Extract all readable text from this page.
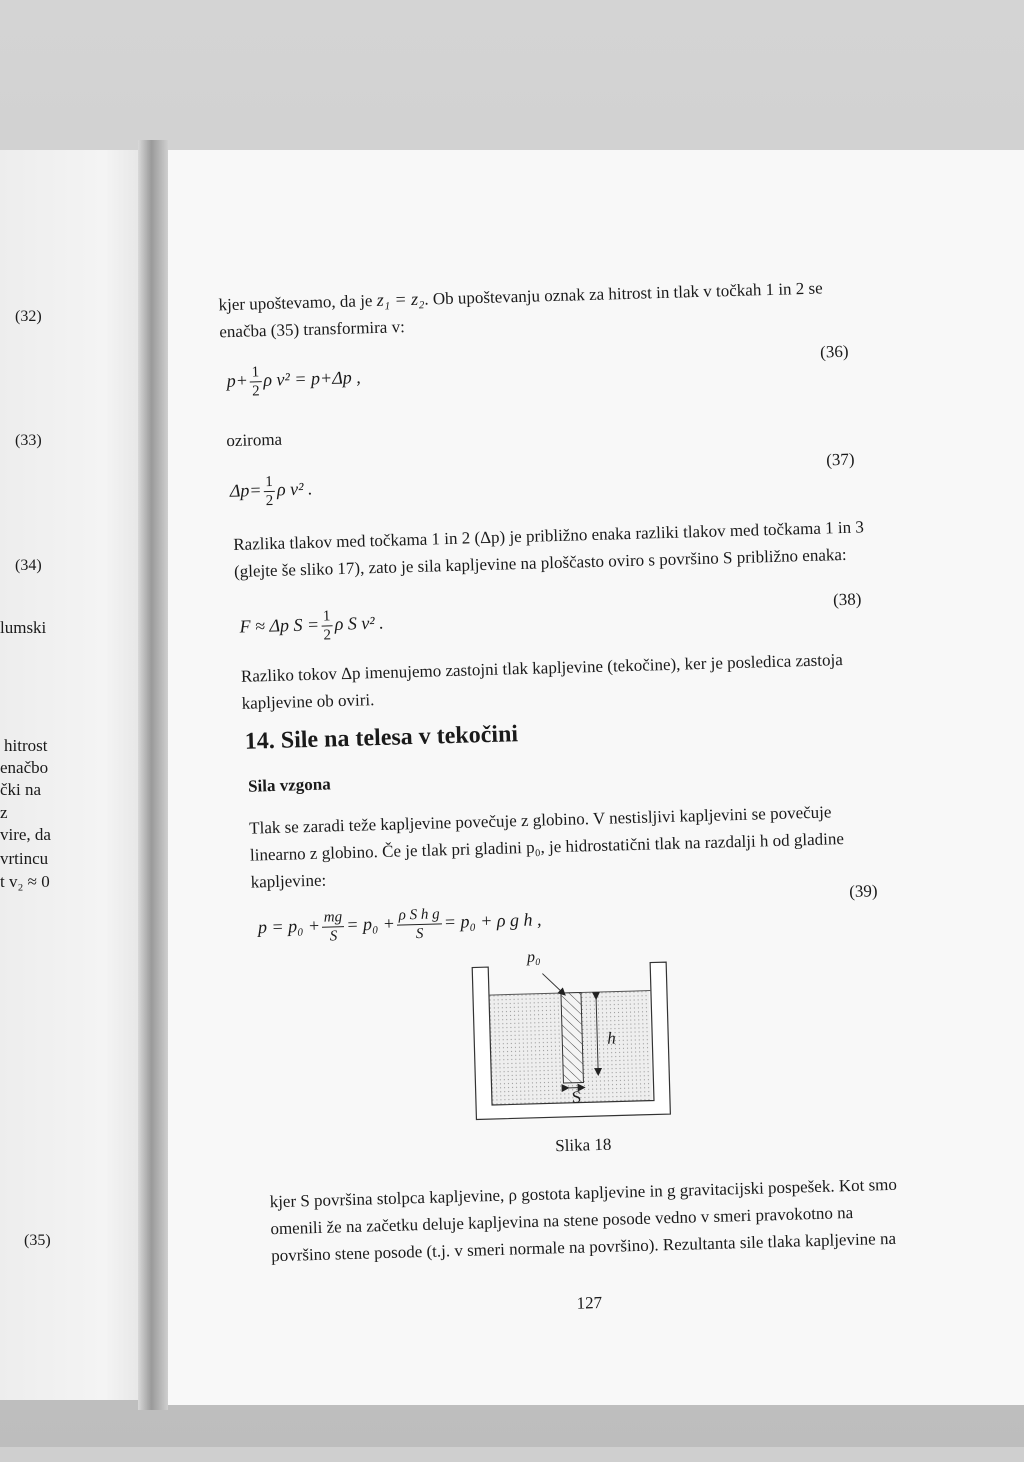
(32)
(33)
(34)
lumski
hitrost
enačbo
čki na
z
vire, da
vrtincu
t v₂ ≈ 0
(35)
kjer upoštevamo, da je z₁ = z₂. Ob upoštevanju oznak za hitrost in tlak v točkah 1 in 2 se
enačba (35) transformira v:
$p+ \frac{1}{2}$ ρ v² = p+Δp ,
(36)
oziroma
$\Delta p= \frac{1}{2}$ ρ v² .
(37)
Razlika tlakov med točkama 1 in 2 (Δp) je približno enaka razliki tlakov med točkama 1 in 3
(glejte še sliko 17), zato je sila kapljevine na ploščasto oviro s površino S približno enaka:
F ≈ Δp $S = \frac{1}{2}$ ρ S v² .
(38)
Razliko tokov Δp imenujemo zastojni tlak kapljevine (tekočine), ker je posledica zastoja
kapljevine ob oviri.
14. Sile na telesa v tekočini
Sila vzgona
Tlak se zaradi teže kapljevine povečuje z globino. V nestisljivi kapljevini se povečuje
linearno z globino. Če je tlak pri gladini p₀, je hidrostatični tlak na razdalji h od gladine
kapljevine:
$p = p_0 + \frac{mg}{S} = p_0 + \frac{\text{ρ S h g}}{S} = p_0 + \rho$ g h ,
(39)
p₀
h
S
Slika 18
kjer S površina stolpca kapljevine, ρ gostota kapljevine in g gravitacijski pospešek. Kot smo
omenili že na začetku deluje kapljevina na stene posode vedno v smeri pravokotno na
površino stene posode (t.j. v smeri normale na površino). Rezultanta sile tlaka kapljevine na
127
